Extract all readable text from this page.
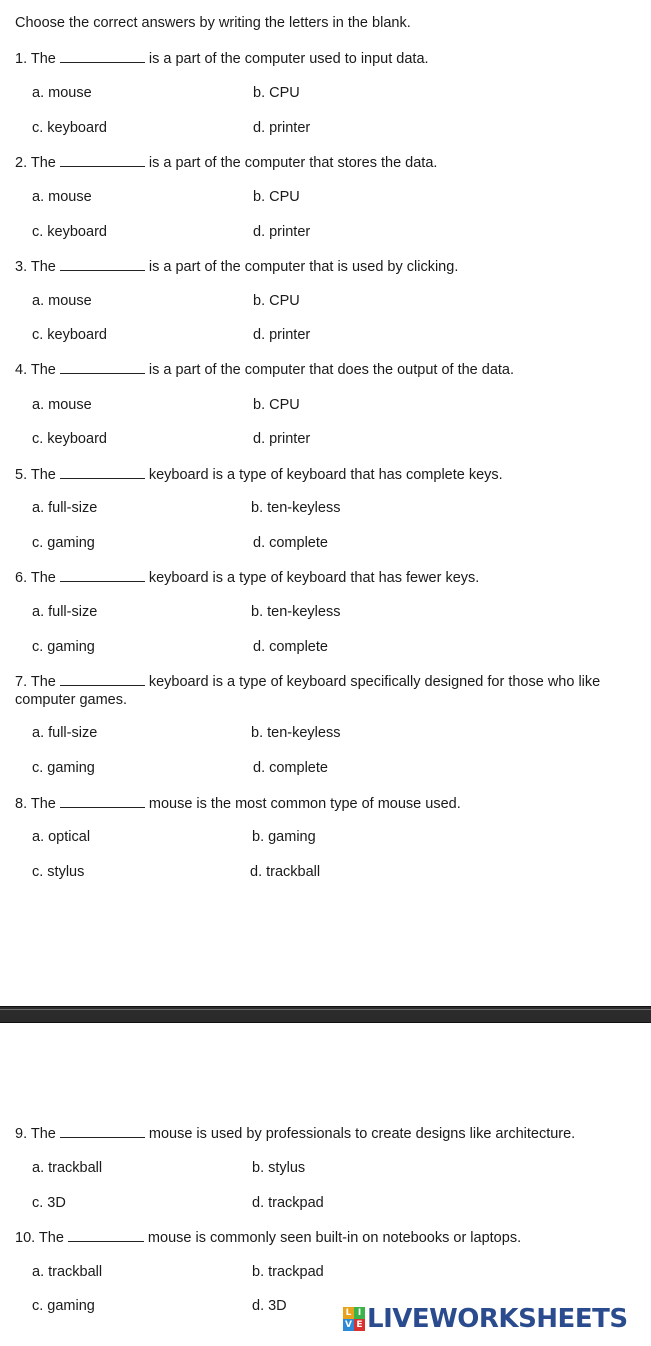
Choose the correct answers by writing the letters in the blank.
1. The	is a part of the computer used to input data.
a. mouse	b. CPU
c. keyboard	d. printer
2. The	is a part of the computer that stores the data.
a. mouse	b. CPU
c. keyboard	d. printer
3. The	is a part of the computer that is used by clicking.
a. mouse	b. CPU
c. keyboard	d. printer
4. The	is a part of the computer that does the output of the data.
a. mouse	b. CPU
c. keyboard	d. printer
5. The	keyboard is a type of keyboard that has complete keys.
a. full-size	b. ten-keyless
c. gaming	d. complete
6. The	keyboard is a type of keyboard that has fewer keys.
a. full-size	b. ten-keyless
c. gaming	d. complete
7. The	keyboard is a type of keyboard specifically designed for those who like computer games.
a. full-size	b. ten-keyless
c. gaming	d. complete
8. The	mouse is the most common type of mouse used.
a. optical	b. gaming
c. stylus	d. trackball
9. The	mouse is used by professionals to create designs like architecture.
a. trackball	b. stylus
c. 3D	d. trackpad
10. The	mouse is commonly seen built-in on notebooks or laptops.
a. trackball	b. trackpad
c. gaming	d. 3D	L I
V E LIVEWORKSHEETS
